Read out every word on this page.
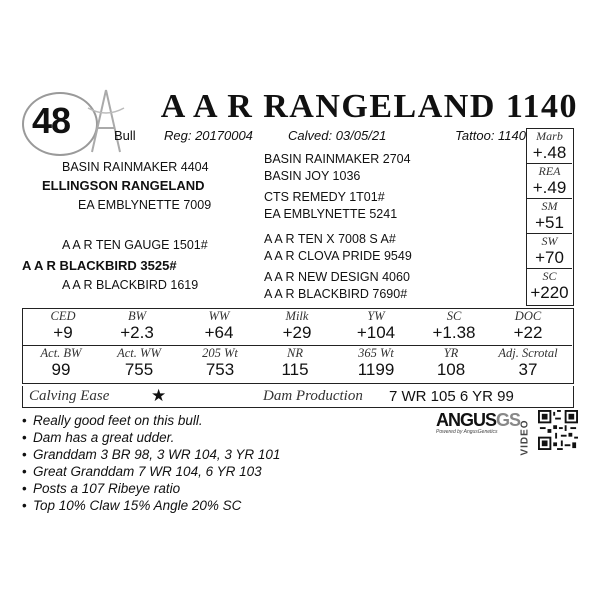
48	A A R RANGELAND 1140
Bull Reg: 20170004	Calved: 03/05/21	Tattoo: 1140
BASIN RAINMAKER 4404
ELLINGSON RANGELAND
EA EMBLYNETTE 7009
BASIN RAINMAKER 2704
BASIN JOY 1036
CTS REMEDY 1T01#
EA EMBLYNETTE 5241
A A R TEN GAUGE 1501#
A A R BLACKBIRD 3525#
A A R BLACKBIRD 1619
A A R TEN X 7008 S A#
A A R CLOVA PRIDE 9549
A A R NEW DESIGN 4060
A A R BLACKBIRD 7690#
Marb
+.48
REA
+.49
SM
+51
SW
+70
SC
+220
CED
+9
BW
+2.3
WW
+64
Milk
+29
YW
+104
SC
+1.38
DOC
+22
Act. BW
99
Act. WW
755
205 Wt
753
NR
115
365 Wt
1199
YR
108
Adj. Scrotal
37
Calving Ease ★	Dam Production 7 WR 105 6 YR 99
• Really good feet on this bull.
• Dam has a great udder.
• Granddam 3 BR 98, 3 WR 104, 3 YR 101
• Great Granddam 7 WR 104, 6 YR 103
• Posts a 107 Ribeye ratio
• Top 10% Claw 15% Angle 20% SC
ANGUSGS
Powered by AngusGenetics	VIDEO
